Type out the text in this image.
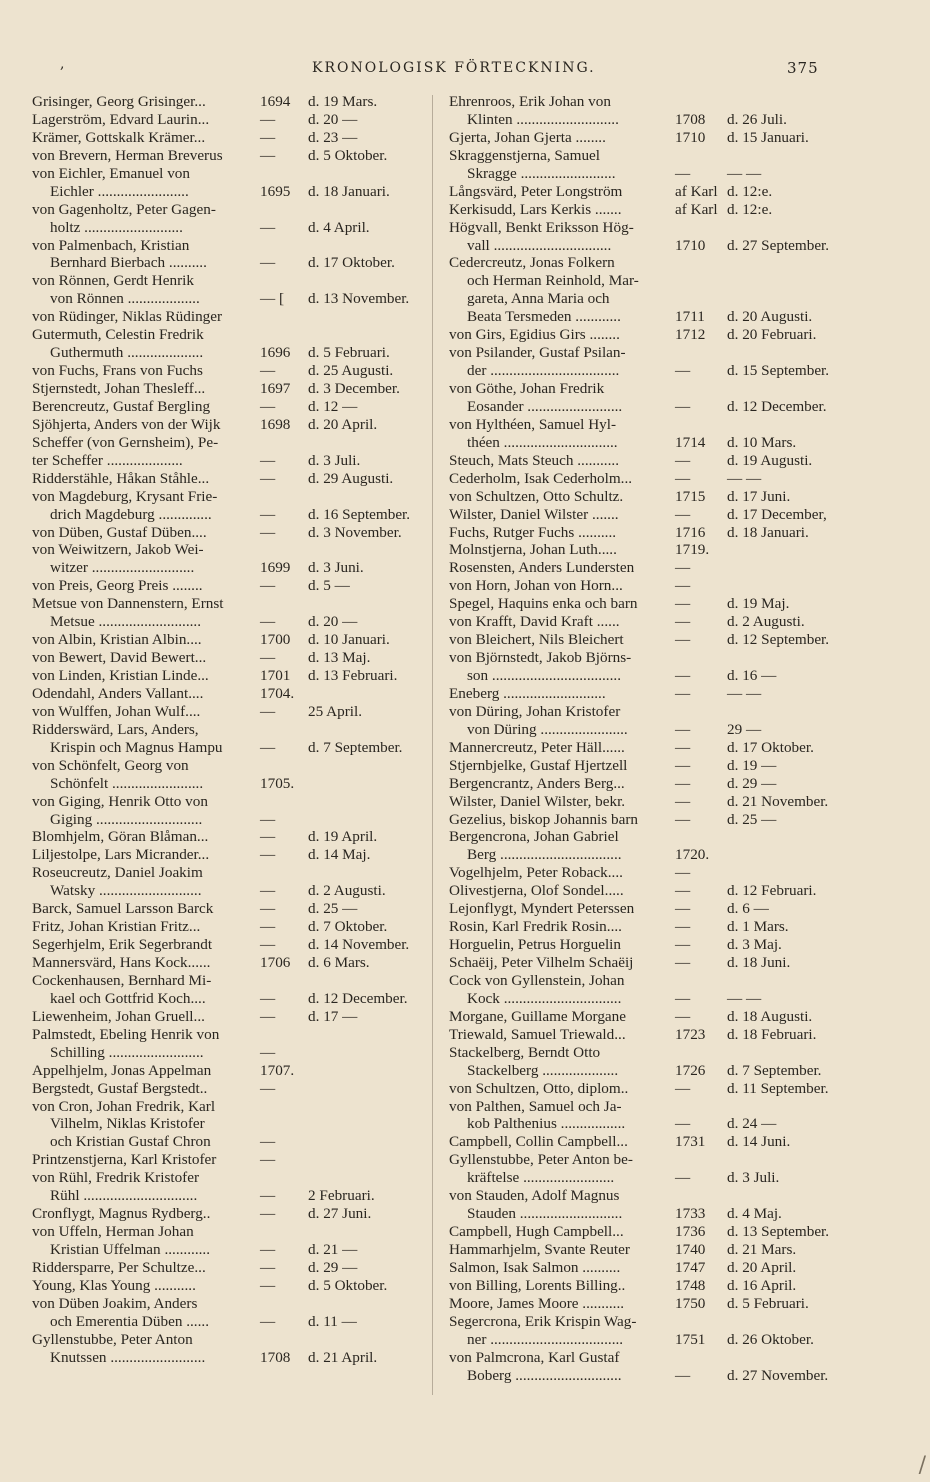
,	KRONOLOGISK FÖRTECKNING.	375
Grisinger, Georg Grisinger...	1694	d. 19 Mars.
Lagerström, Edvard Laurin...	—	d. 20 —
Krämer, Gottskalk Krämer...	—	d. 23 —
von Brevern, Herman Breverus	—	d. 5 Oktober.
von Eichler, Emanuel von
Eichler ........................	1695	d. 18 Januari.
von Gagenholtz, Peter Gagen-
holtz ..........................	—	d. 4 April.
von Palmenbach, Kristian
Bernhard Bierbach ..........	—	d. 17 Oktober.
von Rönnen, Gerdt Henrik
von Rönnen ...................	— [	d. 13 November.
von Rüdinger, Niklas Rüdinger
Gutermuth, Celestin Fredrik
Guthermuth ....................	1696	d. 5 Februari.
von Fuchs, Frans von Fuchs	—	d. 25 Augusti.
Stjernstedt, Johan Thesleff...	1697	d. 3 December.
Berencreutz, Gustaf Bergling	—	d. 12 —
Sjöhjerta, Anders von der Wijk	1698	d. 20 April.
Scheffer (von Gernsheim), Pe-
ter Scheffer ....................	—	d. 3 Juli.
Ridderstähle, Håkan Ståhle...	—	d. 29 Augusti.
von Magdeburg, Krysant Frie-
drich Magdeburg ..............	—	d. 16 September.
von Düben, Gustaf Düben....	—	d. 3 November.
von Weiwitzern, Jakob Wei-
witzer ...........................	1699	d. 3 Juni.
von Preis, Georg Preis ........	—	d. 5 —
Metsue von Dannenstern, Ernst
Metsue ...........................	—	d. 20 —
von Albin, Kristian Albin....	1700	d. 10 Januari.
von Bewert, David Bewert...	—	d. 13 Maj.
von Linden, Kristian Linde...	1701	d. 13 Februari.
Odendahl, Anders Vallant....	1704.
von Wulffen, Johan Wulf....	—	25 April.
Ridderswärd, Lars, Anders,
Krispin och Magnus Hampu	—	d. 7 September.
von Schönfelt, Georg von
Schönfelt ........................	1705.
von Giging, Henrik Otto von
Giging ............................	—
Blomhjelm, Göran Blåman...	—	d. 19 April.
Liljestolpe, Lars Micrander...	—	d. 14 Maj.
Roseucreutz, Daniel Joakim
Watsky ...........................	—	d. 2 Augusti.
Barck, Samuel Larsson Barck	—	d. 25 —
Fritz, Johan Kristian Fritz...	—	d. 7 Oktober.
Segerhjelm, Erik Segerbrandt	—	d. 14 November.
Mannersvärd, Hans Kock......	1706	d. 6 Mars.
Cockenhausen, Bernhard Mi-
kael och Gottfrid Koch....	—	d. 12 December.
Liewenheim, Johan Gruell...	—	d. 17 —
Palmstedt, Ebeling Henrik von
Schilling .........................	—
Appelhjelm, Jonas Appelman	1707.
Bergstedt, Gustaf Bergstedt..	—
von Cron, Johan Fredrik, Karl
Vilhelm, Niklas Kristofer
och Kristian Gustaf Chron	—
Printzenstjerna, Karl Kristofer	—
von Rühl, Fredrik Kristofer
Rühl ..............................	—	2 Februari.
Cronflygt, Magnus Rydberg..	—	d. 27 Juni.
von Uffeln, Herman Johan
Kristian Uffelman ............	—	d. 21 —
Riddersparre, Per Schultze...	—	d. 29 —
Young, Klas Young ...........	—	d. 5 Oktober.
von Düben Joakim, Anders
och Emerentia Düben ......	—	d. 11 —
Gyllenstubbe, Peter Anton
Knutssen .........................	1708	d. 21 April.
Ehrenroos, Erik Johan von
Klinten ...........................	1708	d. 26 Juli.
Gjerta, Johan Gjerta ........	1710	d. 15 Januari.
Skraggenstjerna, Samuel
Skragge .........................	—	— —
Långsvärd, Peter Longström	af Karl d. 12:e.
Kerkisudd, Lars Kerkis .......	af Karl d. 12:e.
Högvall, Benkt Eriksson Hög-
vall ...............................	1710	d. 27 September.
Cedercreutz, Jonas Folkern
och Herman Reinhold, Mar-
gareta, Anna Maria och
Beata Tersmeden ............	1711	d. 20 Augusti.
von Girs, Egidius Girs ........	1712	d. 20 Februari.
von Psilander, Gustaf Psilan-
der ..................................	—	d. 15 September.
von Göthe, Johan Fredrik
Eosander .........................	—	d. 12 December.
von Hylthéen, Samuel Hyl-
théen ..............................	1714	d. 10 Mars.
Steuch, Mats Steuch ...........	—	d. 19 Augusti.
Cederholm, Isak Cederholm...	—	— —
von Schultzen, Otto Schultz.	1715	d. 17 Juni.
Wilster, Daniel Wilster .......	—	d. 17 December,
Fuchs, Rutger Fuchs ..........	1716	d. 18 Januari.
Molnstjerna, Johan Luth.....	1719.
Rosensten, Anders Lundersten	—
von Horn, Johan von Horn...	—
Spegel, Haquins enka och barn	—	d. 19 Maj.
von Krafft, David Kraft ......	—	d. 2 Augusti.
von Bleichert, Nils Bleichert	—	d. 12 September.
von Björnstedt, Jakob Björns-
son ..................................	—	d. 16 —
Eneberg ...........................	—	— —
von Düring, Johan Kristofer
von Düring .......................	—	29 —
Mannercreutz, Peter Häll......	—	d. 17 Oktober.
Stjernbjelke, Gustaf Hjertzell	—	d. 19 —
Bergencrantz, Anders Berg...	—	d. 29 —
Wilster, Daniel Wilster, bekr.	—	d. 21 November.
Gezelius, biskop Johannis barn	—	d. 25 —
Bergencrona, Johan Gabriel
Berg ................................	1720.
Vogelhjelm, Peter Roback....	—
Olivestjerna, Olof Sondel.....	—	d. 12 Februari.
Lejonflygt, Myndert Peterssen	—	d. 6 —
Rosin, Karl Fredrik Rosin....	—	d. 1 Mars.
Horguelin, Petrus Horguelin	—	d. 3 Maj.
Schaëij, Peter Vilhelm Schaëij	—	d. 18 Juni.
Cock von Gyllenstein, Johan
Kock ...............................	—	— —
Morgane, Guillame Morgane	—	d. 18 Augusti.
Triewald, Samuel Triewald...	1723	d. 18 Februari.
Stackelberg, Berndt Otto
Stackelberg ....................	1726	d. 7 September.
von Schultzen, Otto, diplom..	—	d. 11 September.
von Palthen, Samuel och Ja-
kob Palthenius .................	—	d. 24 —
Campbell, Collin Campbell...	1731	d. 14 Juni.
Gyllenstubbe, Peter Anton be-
kräftelse ........................	—	d. 3 Juli.
von Stauden, Adolf Magnus
Stauden ...........................	1733	d. 4 Maj.
Campbell, Hugh Campbell...	1736	d. 13 September.
Hammarhjelm, Svante Reuter	1740	d. 21 Mars.
Salmon, Isak Salmon ..........	1747	d. 20 April.
von Billing, Lorents Billing..	1748	d. 16 April.
Moore, James Moore ...........	1750	d. 5 Februari.
Segercrona, Erik Krispin Wag-
ner ...................................	1751	d. 26 Oktober.
von Palmcrona, Karl Gustaf
Boberg ............................	—	d. 27 November.
/
